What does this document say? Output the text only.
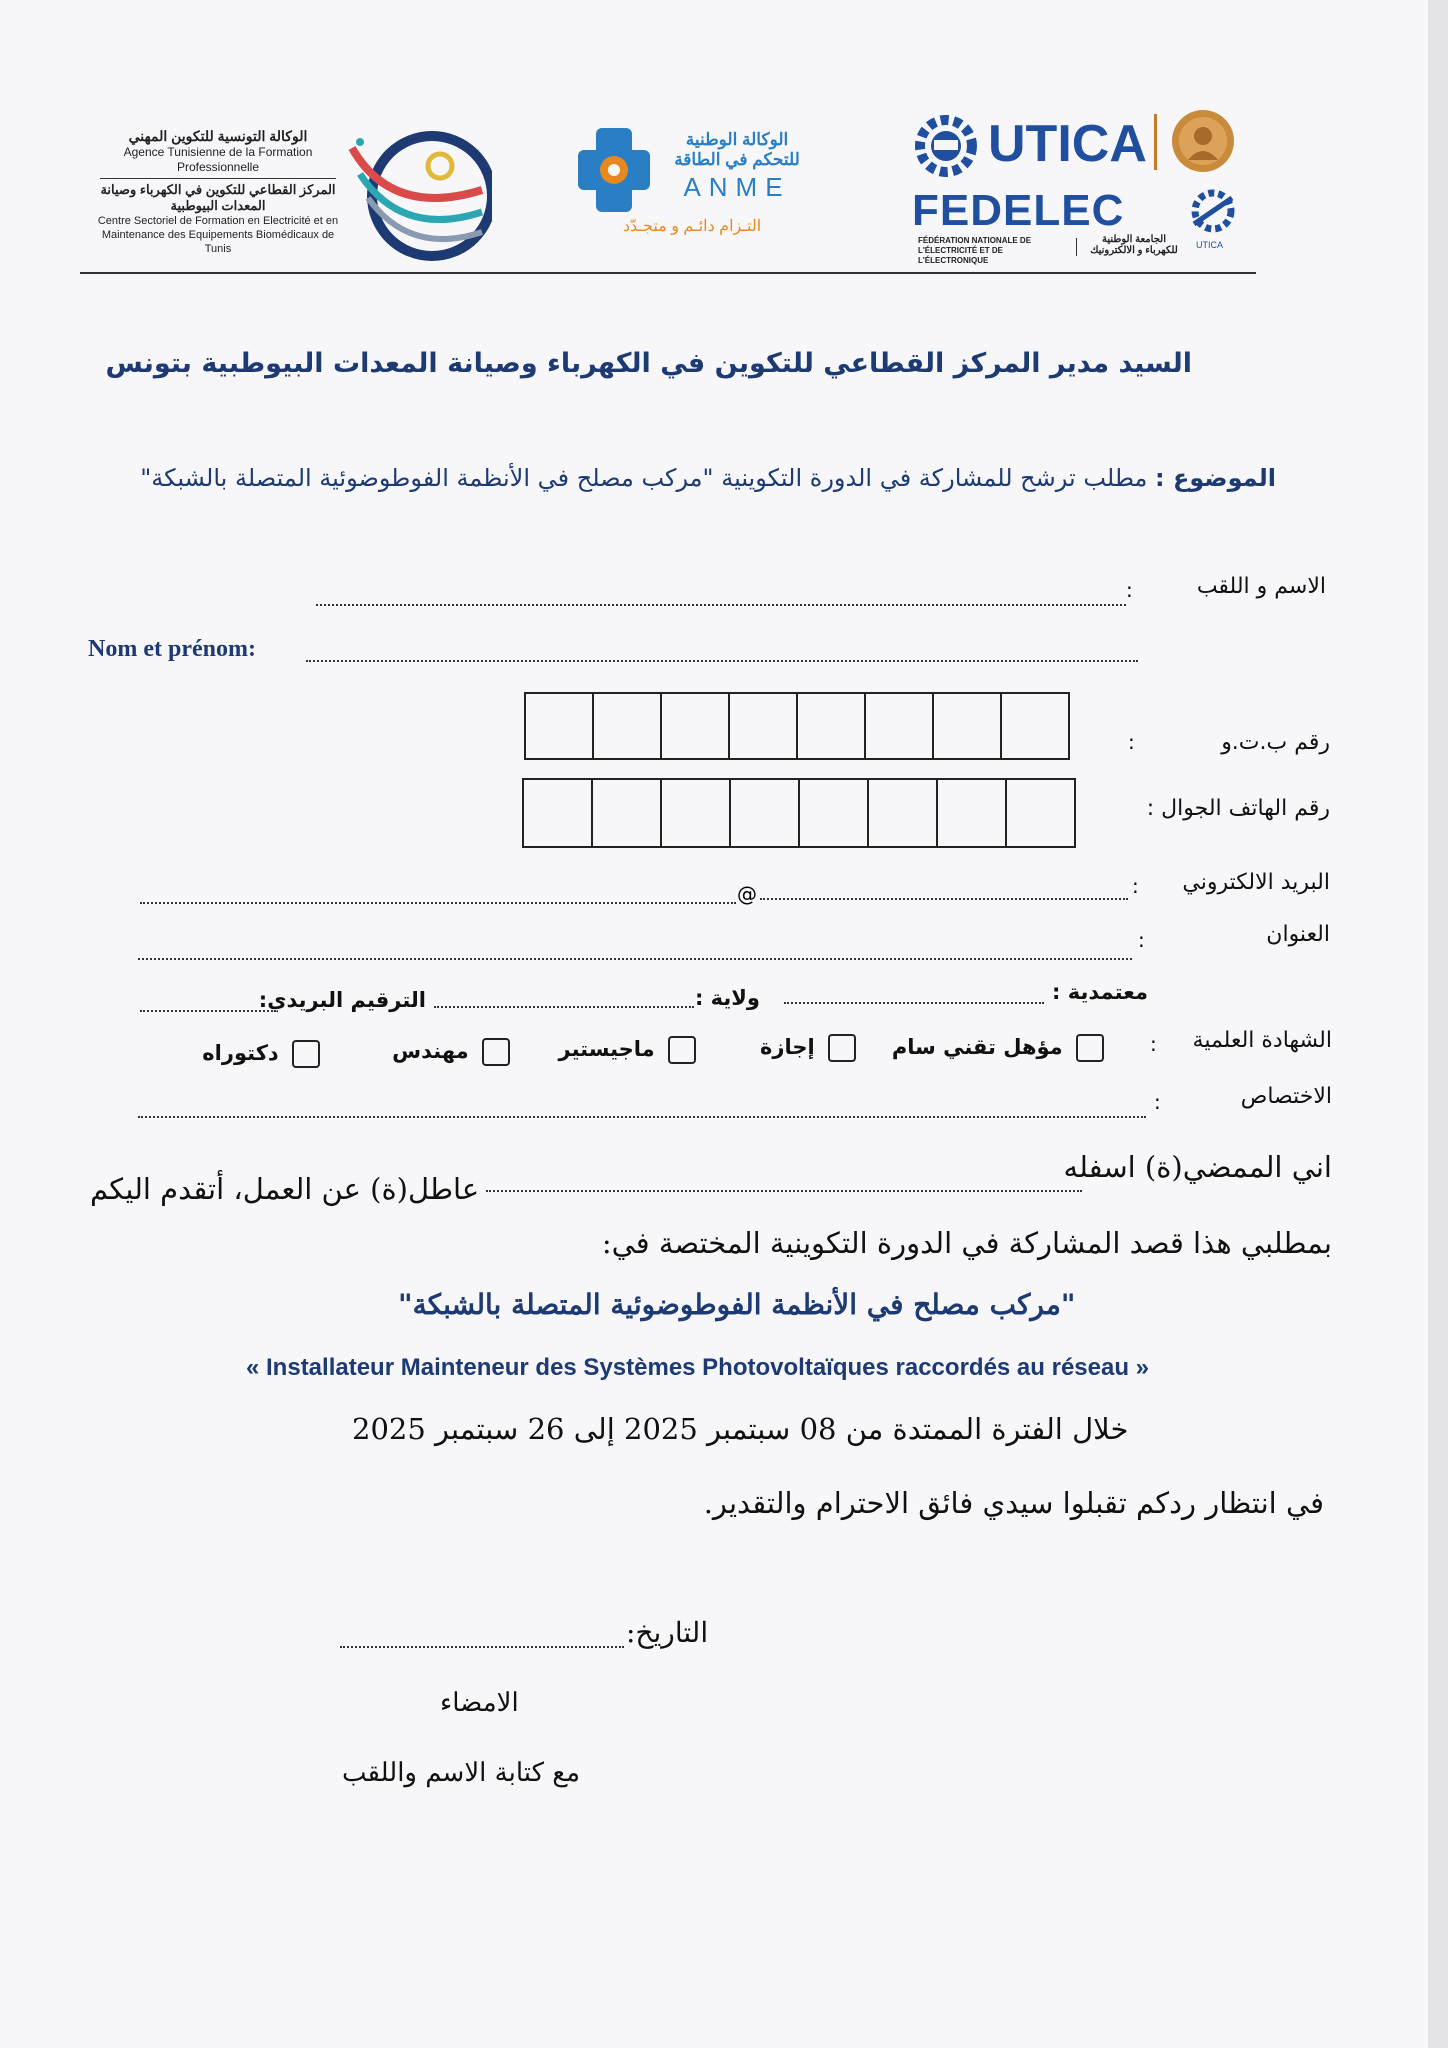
الوكالة التونسية للتكوين المهني
Agence Tunisienne de la Formation Professionnelle
المركز القطاعي للتكوين في الكهرباء وصيانة المعدات البيوطبية
Centre Sectoriel de Formation en Electricité et en Maintenance des Equipements Biomédicaux de Tunis
الوكالة الوطنية للتحكم في الطاقة
ANME
التـزام دائـم و متجـدّد
UTICA
FEDELEC
FÉDÉRATION NATIONALE DE L'ÉLECTRICITÉ ET DE L'ÉLECTRONIQUE
الجامعة الوطنية للكهرباء و الالكترونيك UTICA
السيد مدير المركز القطاعي للتكوين في الكهرباء وصيانة المعدات البيوطبية بتونس
الموضوع : مطلب ترشح للمشاركة في الدورة التكوينية "مركب مصلح في الأنظمة الفوطوضوئية المتصلة بالشبكة"
الاسم و اللقب
:
Nom et prénom:
رقم ب.ت.و
:
رقم الهاتف الجوال :
البريد الالكتروني
:
@
العنوان
:
معتمدية :
ولاية :
الترقيم البريدي:
الشهادة العلمية
:
مؤهل تقني سام
إجازة
ماجيستير
مهندس
دكتوراه
الاختصاص
:
اني الممضي(ة) اسفله
عاطل(ة) عن العمل، أتقدم اليكم
بمطلبي هذا قصد المشاركة في الدورة التكوينية المختصة في:
"مركب مصلح في الأنظمة الفوطوضوئية المتصلة بالشبكة"
« Installateur Mainteneur des Systèmes Photovoltaïques raccordés au réseau »
خلال الفترة الممتدة من 08 سبتمبر 2025 إلى 26 سبتمبر 2025
في انتظار ردكم تقبلوا سيدي فائق الاحترام والتقدير.
التاريخ:
الامضاء
مع كتابة الاسم واللقب
